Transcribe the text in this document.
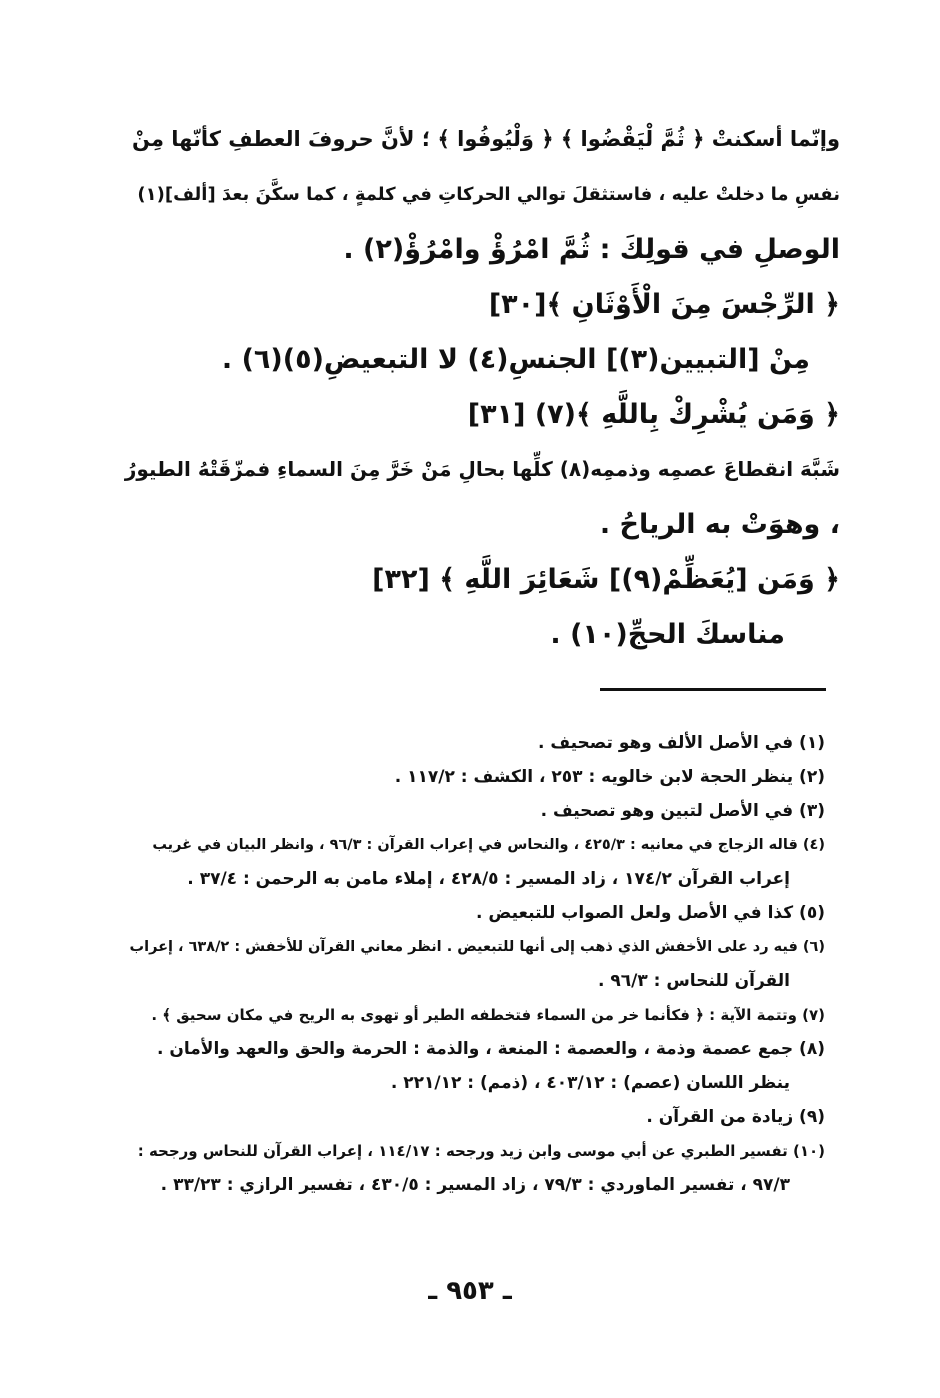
وإنّما أسكنتْ ﴿ ثُمَّ لْيَقْضُوا ﴾ ﴿ وَلْيُوفُوا ﴾ ؛ لأنَّ حروفَ العطفِ كأنّها مِنْ
نفسِ ما دخلتْ عليه ، فاستثقلَ توالي الحركاتِ في كلمةٍ ، كما سكَّنَ بعدَ [ألف](١)
الوصلِ في قولِكَ : ثُمَّ امْرُؤْ وامْرُؤْ(٢) .
﴿ الرِّجْسَ مِنَ الْأَوْثَانِ ﴾[٣٠]
مِنْ [التبيين(٣)] الجنسِ(٤) لا التبعيضِ(٥)(٦) .
﴿ وَمَن يُشْرِكْ بِاللَّهِ ﴾(٧) [٣١]
شَبَّهَ انقطاعَ عصمِه وذممِه(٨) كلِّها بحالِ مَنْ خَرَّ مِنَ السماءِ فمزّقَتْهُ الطيورُ
، وهوَتْ به الرياحُ .
﴿ وَمَن [يُعَظِّمْ(٩)] شَعَائِرَ اللَّهِ ﴾ [٣٢]
مناسكَ الحجِّ(١٠) .
(١) في الأصل الألف وهو تصحيف .
(٢) ينظر الحجة لابن خالويه : ٢٥٣ ، الكشف : ١١٧/٢ .
(٣) في الأصل لتبين وهو تصحيف .
(٤) قاله الزجاج في معانيه : ٤٢٥/٣ ، والنحاس في إعراب القرآن : ٩٦/٣ ، وانظر البيان في غريب
إعراب القرآن ١٧٤/٢ ، زاد المسير : ٤٢٨/٥ ، إملاء مامن به الرحمن : ٣٧/٤ .
(٥) كذا في الأصل ولعل الصواب للتبعيض .
(٦) فيه رد على الأخفش الذي ذهب إلى أنها للتبعيض . انظر معاني القرآن للأخفش : ٦٣٨/٢ ، إعراب
القرآن للنحاس : ٩٦/٣ .
(٧) وتتمة الآية : ﴿ فكأنما خر من السماء فتخطفه الطير أو تهوى به الريح في مكان سحيق ﴾ .
(٨) جمع عصمة وذمة ، والعصمة : المنعة ، والذمة : الحرمة والحق والعهد والأمان .
ينظر اللسان (عصم) : ٤٠٣/١٢ ، (ذمم) : ٢٢١/١٢ .
(٩) زيادة من القرآن .
(١٠) تفسير الطبري عن أبي موسى وابن زيد ورجحه : ١١٤/١٧ ، إعراب القرآن للنحاس ورجحه :
٩٧/٣ ، تفسير الماوردي : ٧٩/٣ ، زاد المسير : ٤٣٠/٥ ، تفسير الرازي : ٣٣/٢٣ .
ـ ٩٥٣ ـ
